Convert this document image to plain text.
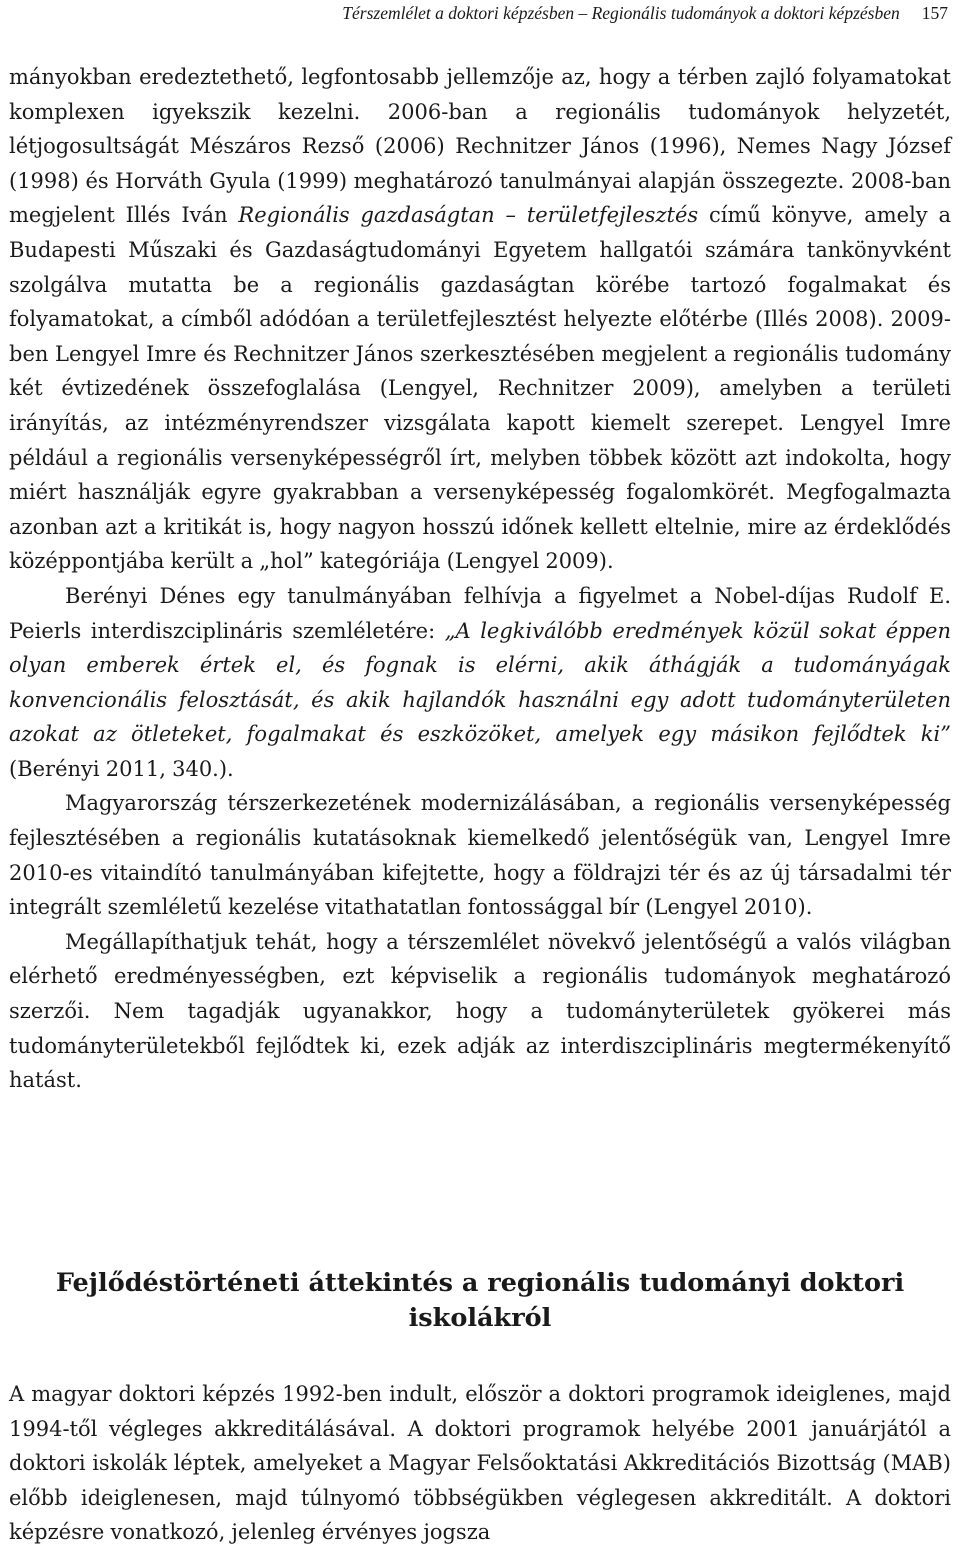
Térszemlélet a doktori képzésben – Regionális tudományok a doktori képzésben 157

mányokban eredeztethető, legfontosabb jellemzője az, hogy a térben zajló folyamatokat komplexen igyekszik kezelni. 2006-ban a regionális tudományok helyzetét, létjogosultságát Mészáros Rezső (2006) Rechnitzer János (1996), Nemes Nagy József (1998) és Horváth Gyula (1999) meghatározó tanulmányai alapján összegezte. 2008-ban megjelent Illés Iván Regionális gazdaságtan – területfejlesztés című könyve, amely a Budapesti Műszaki és Gazdaságtudományi Egyetem hallgatói számára tankönyvként szolgálva mutatta be a regionális gazdaságtan körébe tartozó fogalmakat és folyamatokat, a címből adódóan a területfejlesztést helyezte előtérbe (Illés 2008). 2009-ben Lengyel Imre és Rechnitzer János szerkesztésében megjelent a regionális tudomány két évtizedének összefoglalása (Lengyel, Rechnitzer 2009), amelyben a területi irányítás, az intézményrendszer vizsgálata kapott kiemelt szerepet. Lengyel Imre például a regionális versenyképességről írt, melyben többek között azt indokolta, hogy miért használják egyre gyakrabban a versenyképesség fogalomkörét. Megfogalmazta azonban azt a kritikát is, hogy nagyon hosszú időnek kellett eltelnie, mire az érdeklődés középpontjába került a „hol” kategóriája (Lengyel 2009).

Berényi Dénes egy tanulmányában felhívja a figyelmet a Nobel-díjas Rudolf E. Peierls interdiszciplináris szemléletére: „A legkiválóbb eredmények közül sokat éppen olyan emberek értek el, és fognak is elérni, akik áthágják a tudományágak konvencionális felosztását, és akik hajlandók használni egy adott tudományterületen azokat az ötleteket, fogalmakat és eszközöket, amelyek egy másikon fejlődtek ki” (Berényi 2011, 340.).

Magyarország térszerkezetének modernizálásában, a regionális versenyképesség fejlesztésében a regionális kutatásoknak kiemelkedő jelentőségük van, Lengyel Imre 2010-es vitaindító tanulmányában kifejtette, hogy a földrajzi tér és az új társadalmi tér integrált szemléletű kezelése vitathatatlan fontossággal bír (Lengyel 2010).

Megállapíthatjuk tehát, hogy a térszemlélet növekvő jelentőségű a valós világban elérhető eredményességben, ezt képviselik a regionális tudományok meghatározó szerzői. Nem tagadják ugyanakkor, hogy a tudományterületek gyökerei más tudományterületekből fejlődtek ki, ezek adják az interdiszciplináris megtermékenyítő hatást.

Fejlődéstörténeti áttekintés a regionális tudományi doktori
iskolákról

A magyar doktori képzés 1992-ben indult, először a doktori programok ideiglenes, majd 1994-től végleges akkreditálásával. A doktori programok helyébe 2001 januárjától a doktori iskolák léptek, amelyeket a Magyar Felsőoktatási Akkreditációs Bizottság (MAB) előbb ideiglenesen, majd túlnyomó többségükben véglegesen akkreditált. A doktori képzésre vonatkozó, jelenleg érvényes jogsza
